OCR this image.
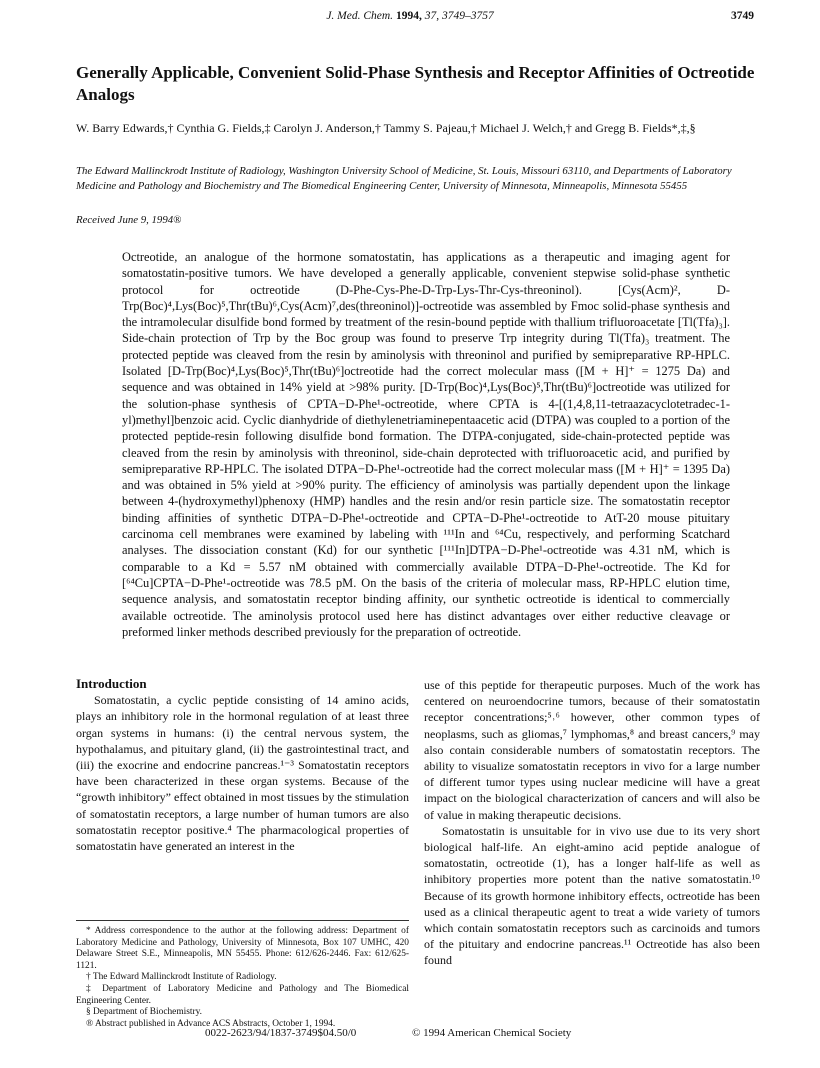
J. Med. Chem. 1994, 37, 3749–3757	3749
Generally Applicable, Convenient Solid-Phase Synthesis and Receptor Affinities of Octreotide Analogs
W. Barry Edwards,† Cynthia G. Fields,‡ Carolyn J. Anderson,† Tammy S. Pajeau,† Michael J. Welch,† and Gregg B. Fields*,‡,§
The Edward Mallinckrodt Institute of Radiology, Washington University School of Medicine, St. Louis, Missouri 63110, and Departments of Laboratory Medicine and Pathology and Biochemistry and The Biomedical Engineering Center, University of Minnesota, Minneapolis, Minnesota 55455
Received June 9, 1994®

Octreotide, an analogue of the hormone somatostatin, has applications as a therapeutic and imaging agent for somatostatin-positive tumors. We have developed a generally applicable, convenient stepwise solid-phase synthetic protocol for octreotide (D-Phe-Cys-Phe-D-Trp-Lys-Thr-Cys-threoninol). [Cys(Acm)², D-Trp(Boc)⁴,Lys(Boc)⁵,Thr(tBu)⁶,Cys(Acm)⁷,des(threoninol)]-octreotide was assembled by Fmoc solid-phase synthesis and the intramolecular disulfide bond formed by treatment of the resin-bound peptide with thallium trifluoroacetate [Tl(Tfa)₃]. Side-chain protection of Trp by the Boc group was found to preserve Trp integrity during Tl(Tfa)₃ treatment. The protected peptide was cleaved from the resin by aminolysis with threoninol and purified by semipreparative RP-HPLC. Isolated [D-Trp(Boc)⁴,Lys(Boc)⁵,Thr(tBu)⁶]octreotide had the correct molecular mass ([M + H]⁺ = 1275 Da) and sequence and was obtained in 14% yield at >98% purity. [D-Trp(Boc)⁴,Lys(Boc)⁵,Thr(tBu)⁶]octreotide was utilized for the solution-phase synthesis of CPTA−D-Phe¹-octreotide, where CPTA is 4-[(1,4,8,11-tetraazacyclotetradec-1-yl)methyl]benzoic acid. Cyclic dianhydride of diethylenetriaminepentaacetic acid (DTPA) was coupled to a portion of the protected peptide-resin following disulfide bond formation. The DTPA-conjugated, side-chain-protected peptide was cleaved from the resin by aminolysis with threoninol, side-chain deprotected with trifluoroacetic acid, and purified by semipreparative RP-HPLC. The isolated DTPA−D-Phe¹-octreotide had the correct molecular mass ([M + H]⁺ = 1395 Da) and was obtained in 5% yield at >90% purity. The efficiency of aminolysis was partially dependent upon the linkage between 4-(hydroxymethyl)phenoxy (HMP) handles and the resin and/or resin particle size. The somatostatin receptor binding affinities of synthetic DTPA−D-Phe¹-octreotide and CPTA−D-Phe¹-octreotide to AtT-20 mouse pituitary carcinoma cell membranes were examined by labeling with ¹¹¹In and ⁶⁴Cu, respectively, and performing Scatchard analyses. The dissociation constant (Kd) for our synthetic [¹¹¹In]DTPA−D-Phe¹-octreotide was 4.31 nM, which is comparable to a Kd = 5.57 nM obtained with commercially available DTPA−D-Phe¹-octreotide. The Kd for [⁶⁴Cu]CPTA−D-Phe¹-octreotide was 78.5 pM. On the basis of the criteria of molecular mass, RP-HPLC elution time, sequence analysis, and somatostatin receptor binding affinity, our synthetic octreotide is identical to commercially available octreotide. The aminolysis protocol used here has distinct advantages over either reductive cleavage or preformed linker methods described previously for the preparation of octreotide.

Introduction

Somatostatin, a cyclic peptide consisting of 14 amino acids, plays an inhibitory role in the hormonal regulation of at least three organ systems in humans: (i) the central nervous system, the hypothalamus, and pituitary gland, (ii) the gastrointestinal tract, and (iii) the exocrine and endocrine pancreas.¹⁻³ Somatostatin receptors have been characterized in these organ systems. Because of the “growth inhibitory” effect obtained in most tissues by the stimulation of somatostatin receptors, a large number of human tumors are also somatostatin receptor positive.⁴ The pharmacological properties of somatostatin have generated an interest in the

* Address correspondence to the author at the following address: Department of Laboratory Medicine and Pathology, University of Minnesota, Box 107 UMHC, 420 Delaware Street S.E., Minneapolis, MN 55455. Phone: 612/626-2446. Fax: 612/625-1121.

† The Edward Mallinckrodt Institute of Radiology.

‡ Department of Laboratory Medicine and Pathology and The Biomedical Engineering Center.

§ Department of Biochemistry.

® Abstract published in Advance ACS Abstracts, October 1, 1994.

use of this peptide for therapeutic purposes. Much of the work has centered on neuroendocrine tumors, because of their somatostatin receptor concentrations;⁵˒⁶ however, other common types of neoplasms, such as gliomas,⁷ lymphomas,⁸ and breast cancers,⁹ may also contain considerable numbers of somatostatin receptors. The ability to visualize somatostatin receptors in vivo for a large number of different tumor types using nuclear medicine will have a great impact on the biological characterization of cancers and will also be of value in making therapeutic decisions.

Somatostatin is unsuitable for in vivo use due to its very short biological half-life. An eight-amino acid peptide analogue of somatostatin, octreotide (1), has a longer half-life as well as inhibitory properties more potent than the native somatostatin.¹⁰ Because of its growth hormone inhibitory effects, octreotide has been used as a clinical therapeutic agent to treat a wide variety of tumors which contain somatostatin receptors such as carcinoids and tumors of the pituitary and endocrine pancreas.¹¹ Octreotide has also been found

0022-2623/94/1837-3749$04.50/0	© 1994 American Chemical Society
